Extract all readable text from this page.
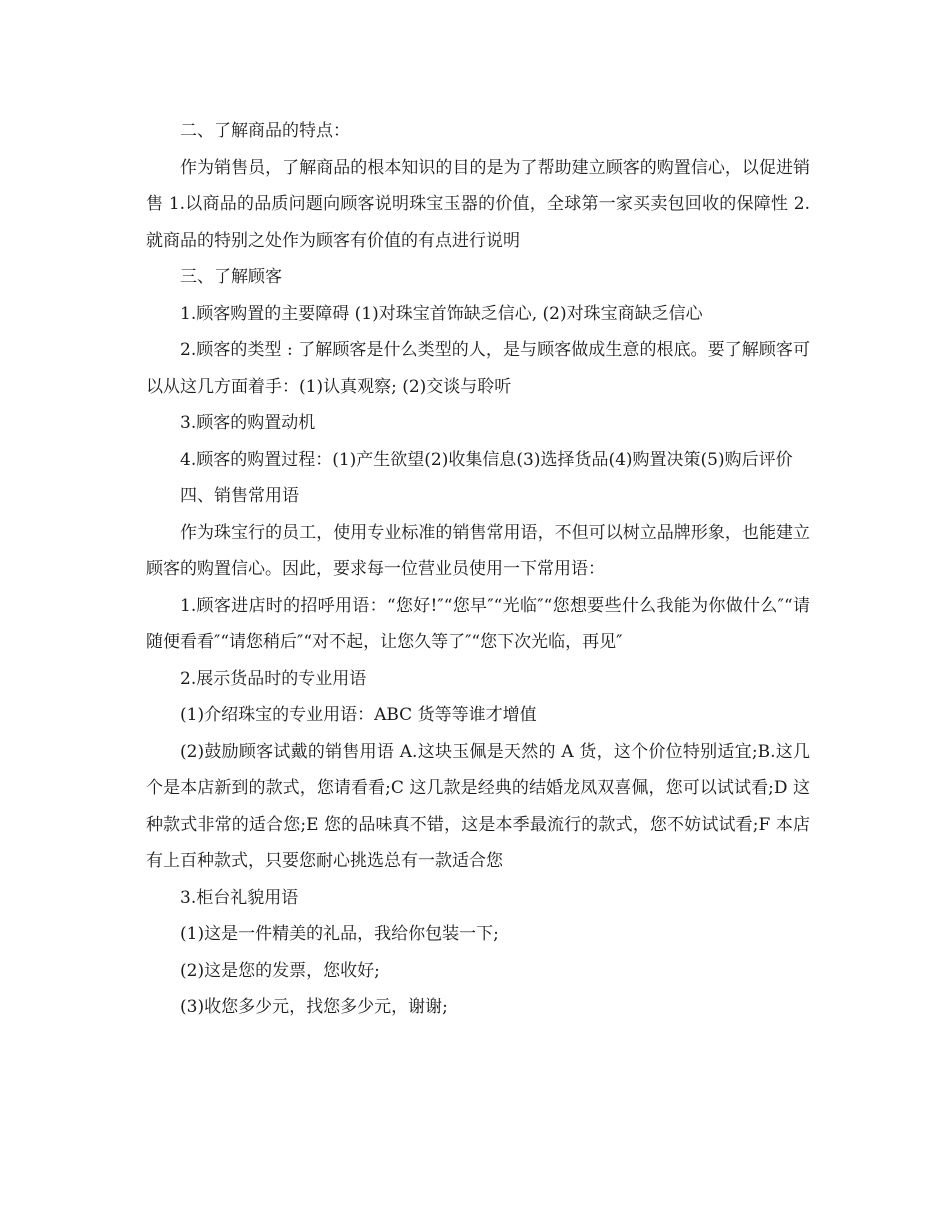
二、了解商品的特点：

作为销售员，了解商品的根本知识的目的是为了帮助建立顾客的购置信心，以促进销售 1.以商品的品质问题向顾客说明珠宝玉器的价值，全球第一家买卖包回收的保障性 2.就商品的特别之处作为顾客有价值的有点进行说明

三、了解顾客

1.顾客购置的主要障碍 (1)对珠宝首饰缺乏信心, (2)对珠宝商缺乏信心

2.顾客的类型 : 了解顾客是什么类型的人，是与顾客做成生意的根底。要了解顾客可以从这几方面着手：(1)认真观察; (2)交谈与聆听

3.顾客的购置动机

4.顾客的购置过程：(1)产生欲望(2)收集信息(3)选择货品(4)购置决策(5)购后评价

四、销售常用语

作为珠宝行的员工，使用专业标准的销售常用语，不但可以树立品牌形象，也能建立顾客的购置信心。因此，要求每一位营业员使用一下常用语：

1.顾客进店时的招呼用语：“您好!″“您早″“光临″“您想要些什么我能为你做什么″“请随便看看″“请您稍后″“对不起，让您久等了″“您下次光临，再见″

2.展示货品时的专业用语

(1)介绍珠宝的专业用语：ABC 货等等谁才增值

(2)鼓励顾客试戴的销售用语 A.这块玉佩是天然的 A 货，这个价位特别适宜;B.这几个是本店新到的款式，您请看看;C 这几款是经典的结婚龙凤双喜佩，您可以试试看;D 这种款式非常的适合您;E 您的品味真不错，这是本季最流行的款式，您不妨试试看;F 本店有上百种款式，只要您耐心挑选总有一款适合您

3.柜台礼貌用语

(1)这是一件精美的礼品，我给你包装一下;

(2)这是您的发票，您收好;

(3)收您多少元，找您多少元，谢谢;
